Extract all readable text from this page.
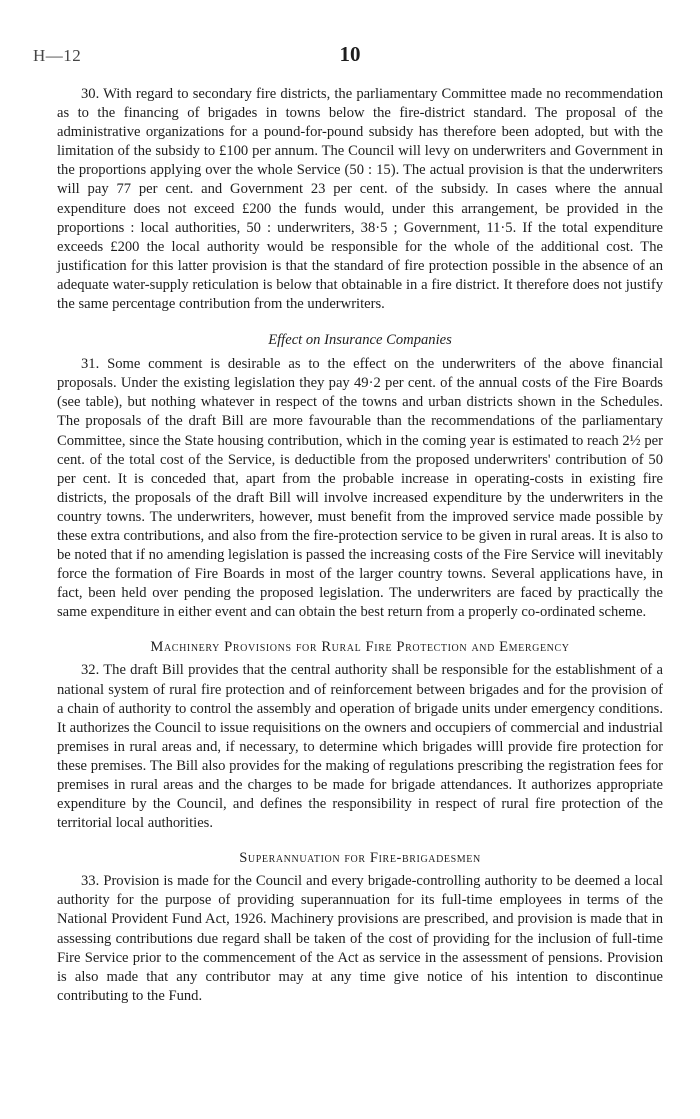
H—12	10

30. With regard to secondary fire districts, the parliamentary Committee made no recommendation as to the financing of brigades in towns below the fire-district standard. The proposal of the administrative organizations for a pound-for-pound subsidy has therefore been adopted, but with the limitation of the subsidy to £100 per annum. The Council will levy on underwriters and Government in the proportions applying over the whole Service (50 : 15). The actual provision is that the underwriters will pay 77 per cent. and Government 23 per cent. of the subsidy. In cases where the annual expenditure does not exceed £200 the funds would, under this arrangement, be provided in the proportions : local authorities, 50 : underwriters, 38·5 ; Government, 11·5. If the total expenditure exceeds £200 the local authority would be responsible for the whole of the additional cost. The justification for this latter provision is that the standard of fire protection possible in the absence of an adequate water-supply reticulation is below that obtainable in a fire district. It therefore does not justify the same percentage contribution from the underwriters.

Effect on Insurance Companies

31. Some comment is desirable as to the effect on the underwriters of the above financial proposals. Under the existing legislation they pay 49·2 per cent. of the annual costs of the Fire Boards (see table), but nothing whatever in respect of the towns and urban districts shown in the Schedules. The proposals of the draft Bill are more favourable than the recommendations of the parliamentary Committee, since the State housing contribution, which in the coming year is estimated to reach 2½ per cent. of the total cost of the Service, is deductible from the proposed underwriters' contribution of 50 per cent. It is conceded that, apart from the probable increase in operating-costs in existing fire districts, the proposals of the draft Bill will involve increased expenditure by the underwriters in the country towns. The underwriters, however, must benefit from the improved service made possible by these extra contributions, and also from the fire-protection service to be given in rural areas. It is also to be noted that if no amending legislation is passed the increasing costs of the Fire Service will inevitably force the formation of Fire Boards in most of the larger country towns. Several applications have, in fact, been held over pending the proposed legislation. The underwriters are faced by practically the same expenditure in either event and can obtain the best return from a properly co-ordinated scheme.

Machinery Provisions for Rural Fire Protection and Emergency

32. The draft Bill provides that the central authority shall be responsible for the establishment of a national system of rural fire protection and of reinforcement between brigades and for the provision of a chain of authority to control the assembly and operation of brigade units under emergency conditions. It authorizes the Council to issue requisitions on the owners and occupiers of commercial and industrial premises in rural areas and, if necessary, to determine which brigades willl provide fire protection for these premises. The Bill also provides for the making of regulations prescribing the registration fees for premises in rural areas and the charges to be made for brigade attendances. It authorizes appropriate expenditure by the Council, and defines the responsibility in respect of rural fire protection of the territorial local authorities.

Superannuation for Fire-brigadesmen

33. Provision is made for the Council and every brigade-controlling authority to be deemed a local authority for the purpose of providing superannuation for its full-time employees in terms of the National Provident Fund Act, 1926. Machinery provisions are prescribed, and provision is made that in assessing contributions due regard shall be taken of the cost of providing for the inclusion of full-time Fire Service prior to the commencement of the Act as service in the assessment of pensions. Provision is also made that any contributor may at any time give notice of his intention to discontinue contributing to the Fund.
